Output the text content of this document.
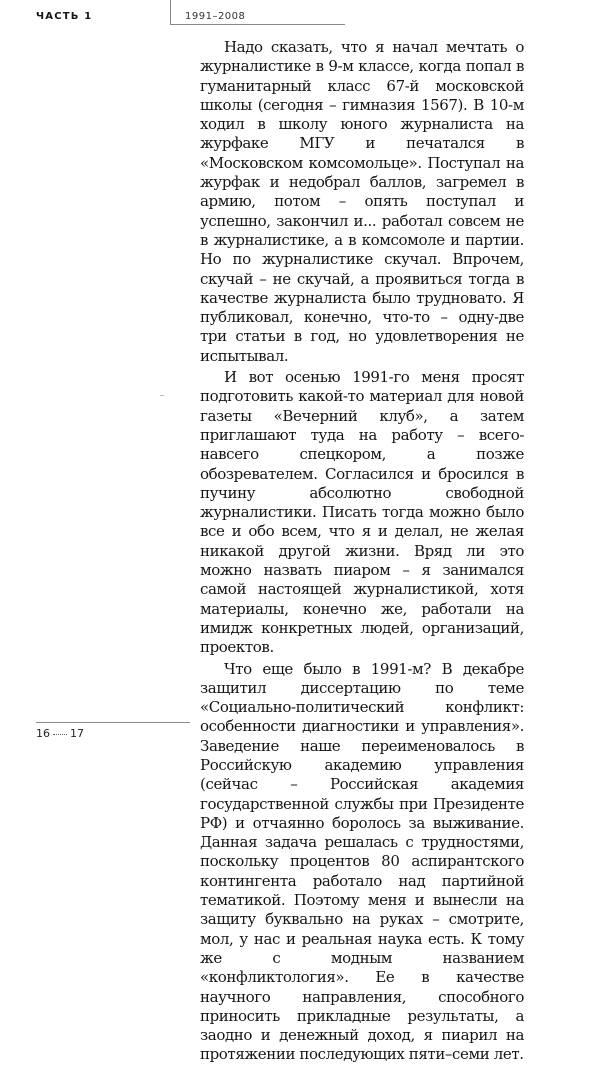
ЧАСТЬ 1	1991–2008

Надо сказать, что я начал мечтать о журналистике в 9-м классе, когда попал в гуманитарный класс 67-й московской школы (сегодня – гимназия 1567). В 10-м ходил в школу юного журналиста на журфаке МГУ и печатался в «Московском комсомольце». Поступал на журфак и недобрал баллов, загремел в армию, потом – опять поступал и успешно, закончил и... работал совсем не в журналистике, а в комсомоле и партии. Но по журналистике скучал. Впрочем, скучай – не скучай, а проявиться тогда в качестве журналиста было трудновато. Я публиковал, конечно, что-то – одну-две три статьи в год, но удовлетворения не испытывал.

И вот осенью 1991-го меня просят подготовить какой-то материал для новой газеты «Вечерний клуб», а затем приглашают туда на работу – всего-навсего спецкором, а позже обозревателем. Согласился и бросился в пучину абсолютно свободной журналистики. Писать тогда можно было все и обо всем, что я и делал, не желая никакой другой жизни. Вряд ли это можно назвать пиаром – я занимался самой настоящей журналистикой, хотя материалы, конечно же, работали на имидж конкретных людей, организаций, проектов.

Что еще было в 1991-м? В декабре защитил диссертацию по теме «Социально-политический конфликт: особенности диагностики и управления». Заведение наше переименовалось в Российскую академию управления (сейчас – Российская академия государственной службы при Президенте РФ) и отчаянно боролось за выживание. Данная задача решалась с трудностями, поскольку процентов 80 аспирантского контингента работало над партийной тематикой. Поэтому меня и вынесли на защиту буквально на руках – смотрите, мол, у нас и реальная наука есть. К тому же с модным названием «конфликтология». Ее в качестве научного направления, способного приносить прикладные результаты, а заодно и денежный доход, я пиарил на протяжении последующих пяти–семи лет.

16 17
